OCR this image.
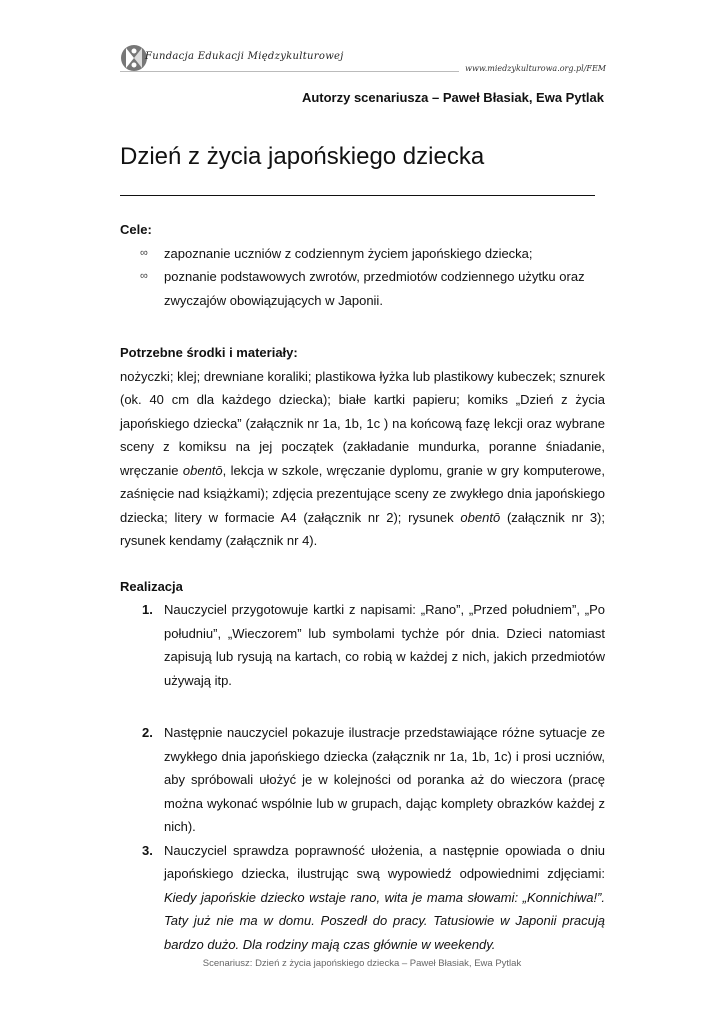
Fundacja Edukacji Międzykulturowej
www.miedzykulturowa.org.pl/FEM
Autorzy scenariusza – Paweł Błasiak, Ewa Pytlak
Dzień z życia japońskiego dziecka

Cele:

∞ zapoznanie uczniów z codziennym życiem japońskiego dziecka;
∞ poznanie podstawowych zwrotów, przedmiotów codziennego użytku oraz zwyczajów obowiązujących w Japonii.

Potrzebne środki i materiały:

nożyczki; klej; drewniane koraliki; plastikowa łyżka lub plastikowy kubeczek; sznurek (ok. 40 cm dla każdego dziecka); białe kartki papieru; komiks „Dzień z życia japońskiego dziecka” (załącznik nr 1a, 1b, 1c ) na końcową fazę lekcji oraz wybrane sceny z komiksu na jej początek (zakładanie mundurka, poranne śniadanie, wręczanie obentō, lekcja w szkole, wręczanie dyplomu, granie w gry komputerowe, zaśnięcie nad książkami); zdjęcia prezentujące sceny ze zwykłego dnia japońskiego dziecka; litery w formacie A4 (załącznik nr 2); rysunek obentō (załącznik nr 3); rysunek kendamy (załącznik nr 4).

Realizacja

1. Nauczyciel przygotowuje kartki z napisami: „Rano”, „Przed południem”, „Po południu”, „Wieczorem” lub symbolami tychże pór dnia. Dzieci natomiast zapisują lub rysują na kartach, co robią w każdej z nich, jakich przedmiotów używają itp.
2. Następnie nauczyciel pokazuje ilustracje przedstawiające różne sytuacje ze zwykłego dnia japońskiego dziecka (załącznik nr 1a, 1b, 1c) i prosi uczniów, aby spróbowali ułożyć je w kolejności od poranka aż do wieczora (pracę można wykonać wspólnie lub w grupach, dając komplety obrazków każdej z nich).
3. Nauczyciel sprawdza poprawność ułożenia, a następnie opowiada o dniu japońskiego dziecka, ilustrując swą wypowiedź odpowiednimi zdjęciami: Kiedy japońskie dziecko wstaje rano, wita je mama słowami: „Konnichiwa!”. Taty już nie ma w domu. Poszedł do pracy. Tatusiowie w Japonii pracują bardzo dużo. Dla rodziny mają czas głównie w weekendy.
Scenariusz: Dzień z życia japońskiego dziecka – Paweł Błasiak, Ewa Pytlak
